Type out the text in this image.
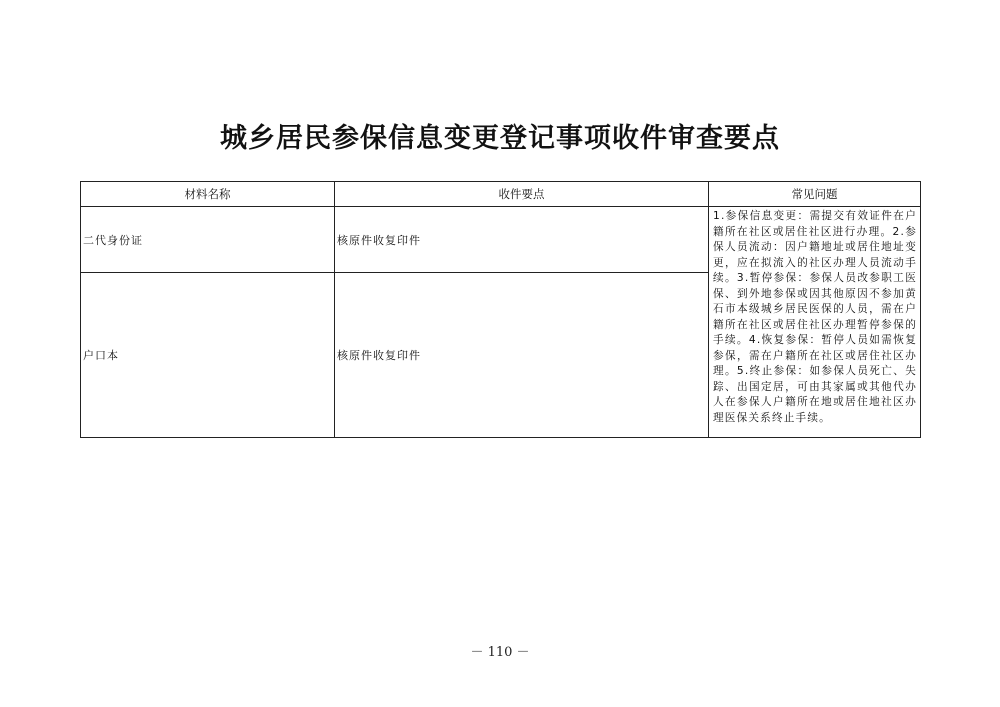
城乡居民参保信息变更登记事项收件审查要点
材料名称	收件要点	常见问题
二代身份证	核原件收复印件	1.参保信息变更：需提交有效证件在户籍所在社区或居住社区进行办理。2.参保人员流动：因户籍地址或居住地址变更，应在拟流入的社区办理人员流动手续。3.暂停参保：参保人员改参职工医保、到外地参保或因其他原因不参加黄石市本级城乡居民医保的人员，需在户籍所在社区或居住社区办理暂停参保的手续。4.恢复参保：暂停人员如需恢复参保，需在户籍所在社区或居住社区办理。5.终止参保：如参保人员死亡、失踪、出国定居，可由其家属或其他代办人在参保人户籍所在地或居住地社区办理医保关系终止手续。
户口本	核原件收复印件	
－ 110 －
